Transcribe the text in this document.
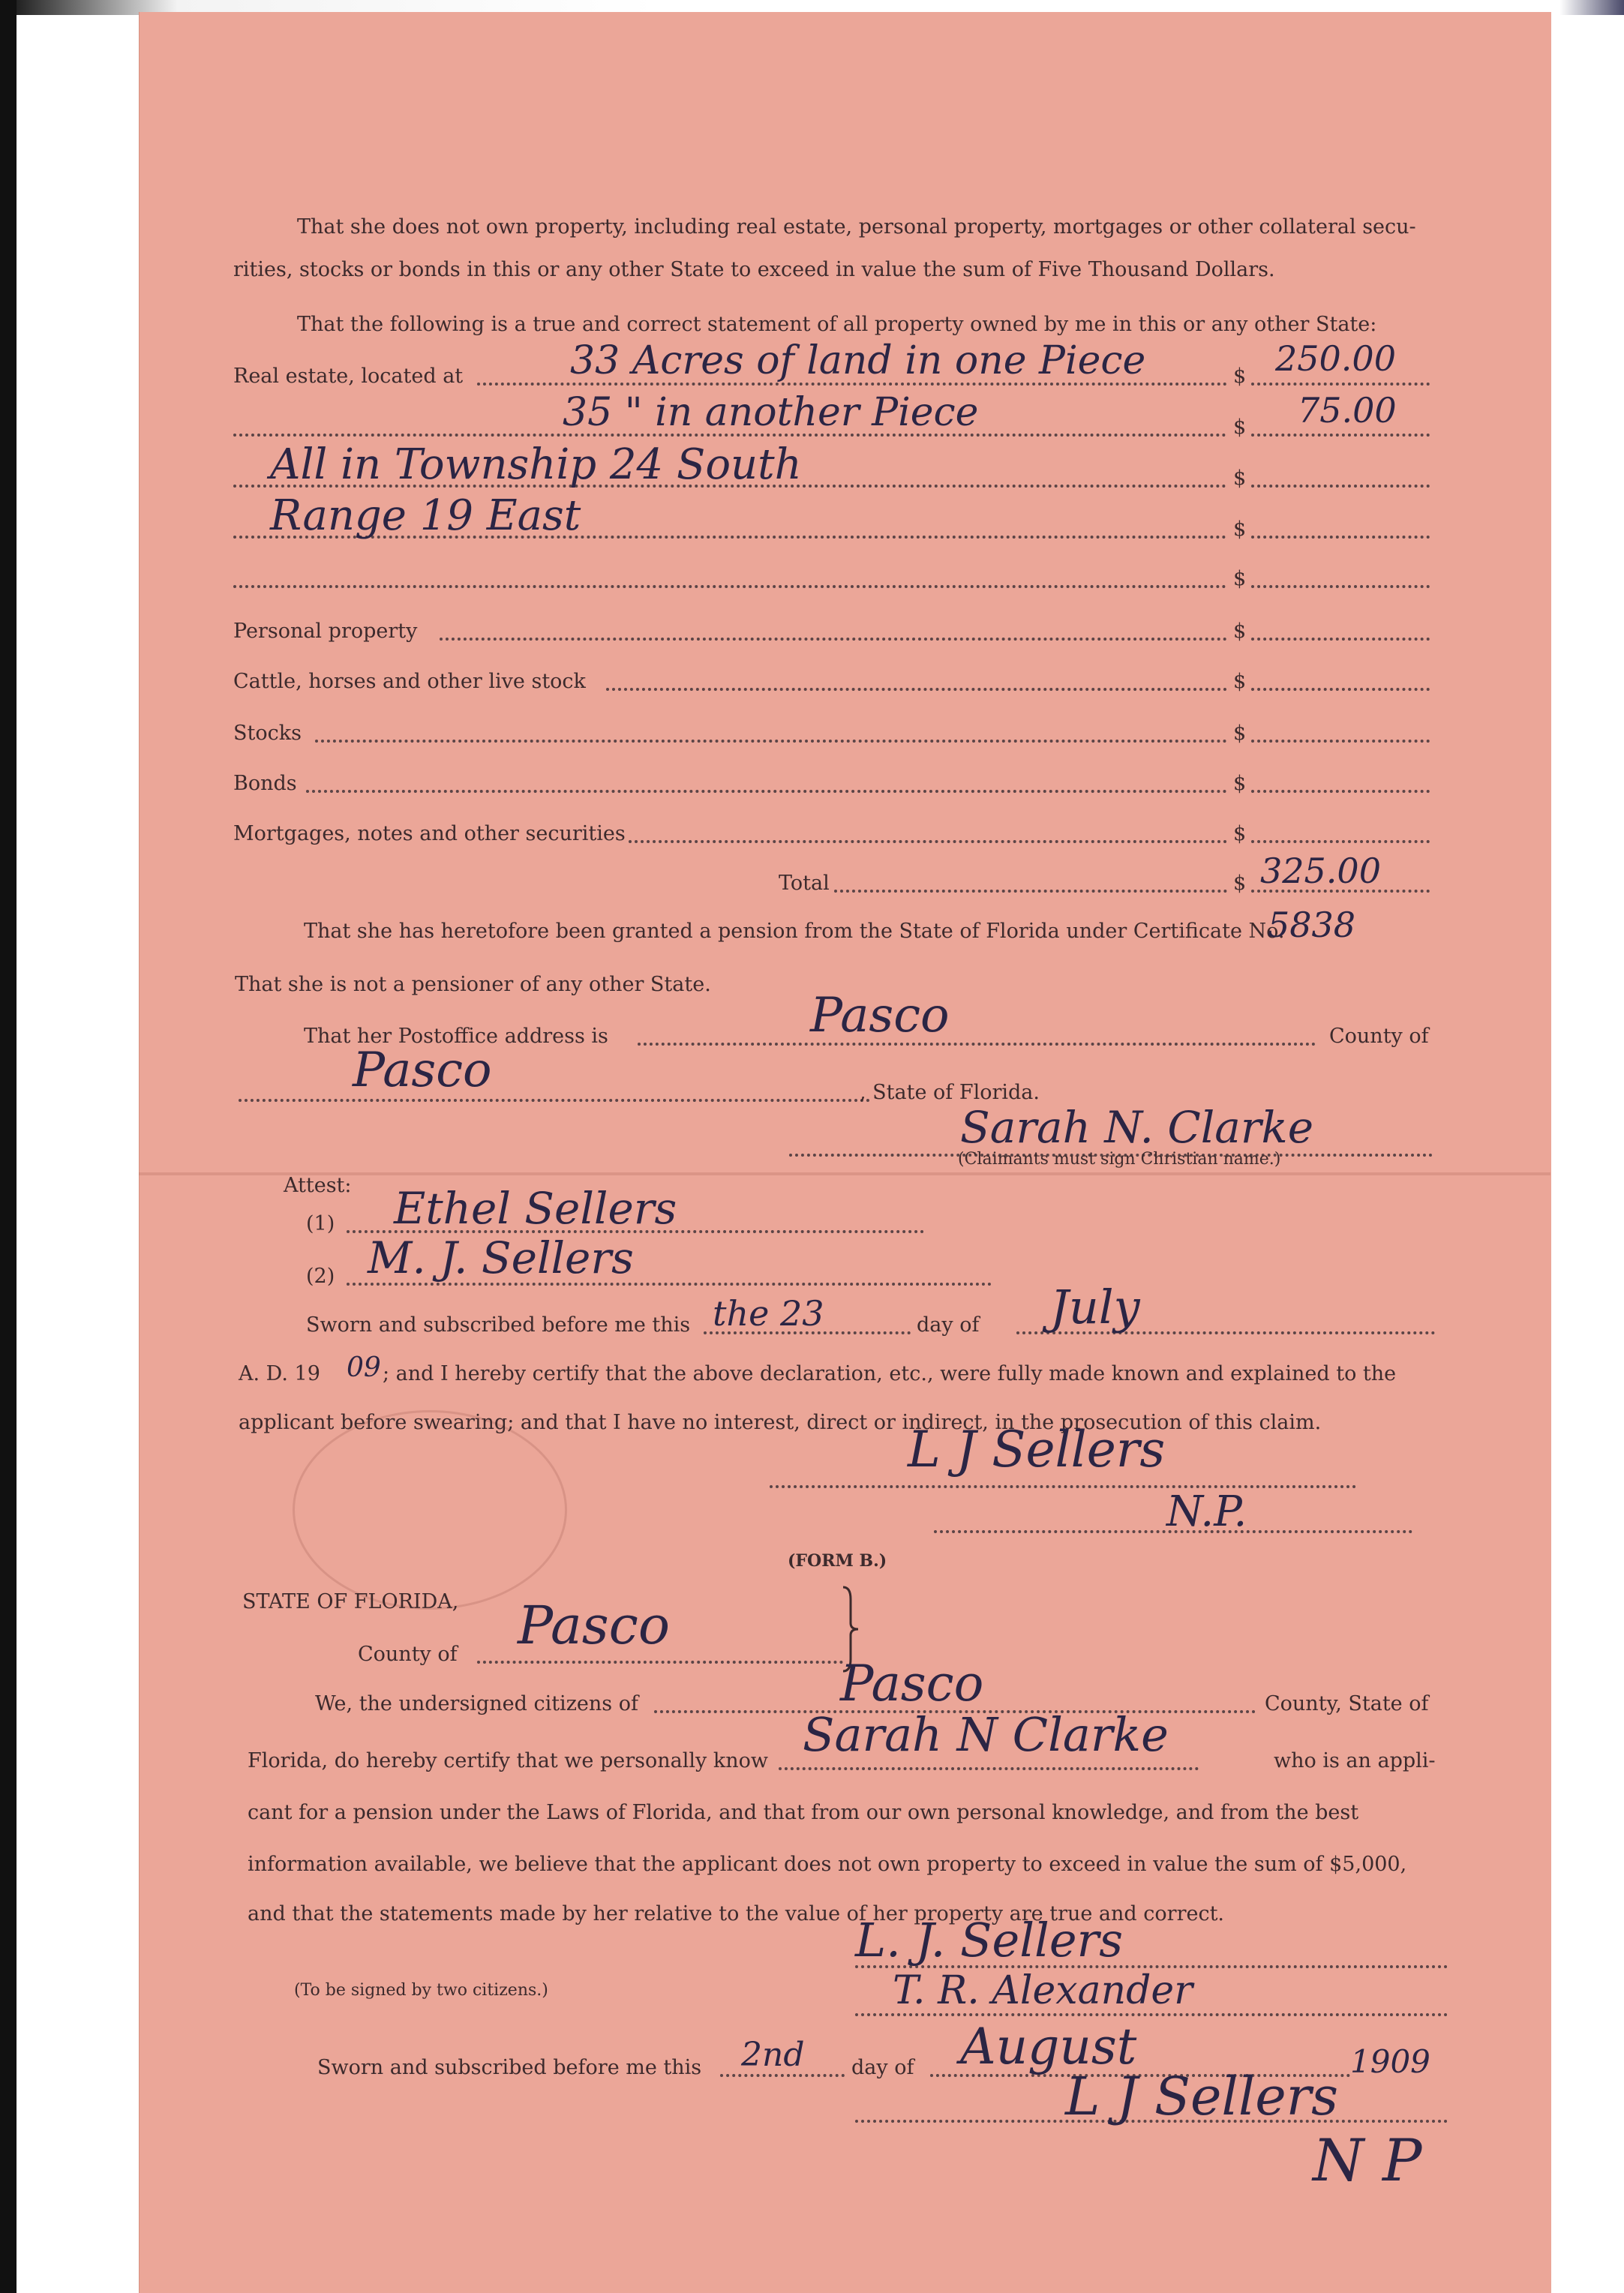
That she does not own property, including real estate, personal property, mortgages or other collateral secu-
rities, stocks or bonds in this or any other State to exceed in value the sum of Five Thousand Dollars.
That the following is a true and correct statement of all property owned by me in this or any other State:
Real estate, located at	33 Acres of land in one Piece	$ 250.00
35 " in another Piece	$ 75.00
All in Township 24 South	$
Range 19 East	$
$
Personal property	$
Cattle, horses and other live stock	$
Stocks	$
Bonds	$
Mortgages, notes and other securities	$
Total	$ 325.00
That she has heretofore been granted a pension from the State of Florida under Certificate No.
5838
That she is not a pensioner of any other State.
That her Postoffice address is	Pasco	County of
Pasco	, State of Florida.
Sarah N. Clarke
(Claimants must sign Christian name.)
Attest:
(1) Ethel Sellers
(2) M. J. Sellers
Sworn and subscribed before me this the 23	day of July
A. D. 19 09 ; and I hereby certify that the above declaration, etc., were fully made known and explained to the
applicant before swearing; and that I have no interest, direct or indirect, in the prosecution of this claim.
L J Sellers
N.P.
(FORM B.)
STATE OF FLORIDA,
County of Pasco
We, the undersigned citizens of	Pasco	County, State of
Florida, do hereby certify that we personally know Sarah N Clarke	who is an appli-
cant for a pension under the Laws of Florida, and that from our own personal knowledge, and from the best
information available, we believe that the applicant does not own property to exceed in value the sum of $5,000,
and that the statements made by her relative to the value of her property are true and correct.
L. J. Sellers
(To be signed by two citizens.)	T. R. Alexander
Sworn and subscribed before me this 2nd day of August	1909
L J Sellers
N P
